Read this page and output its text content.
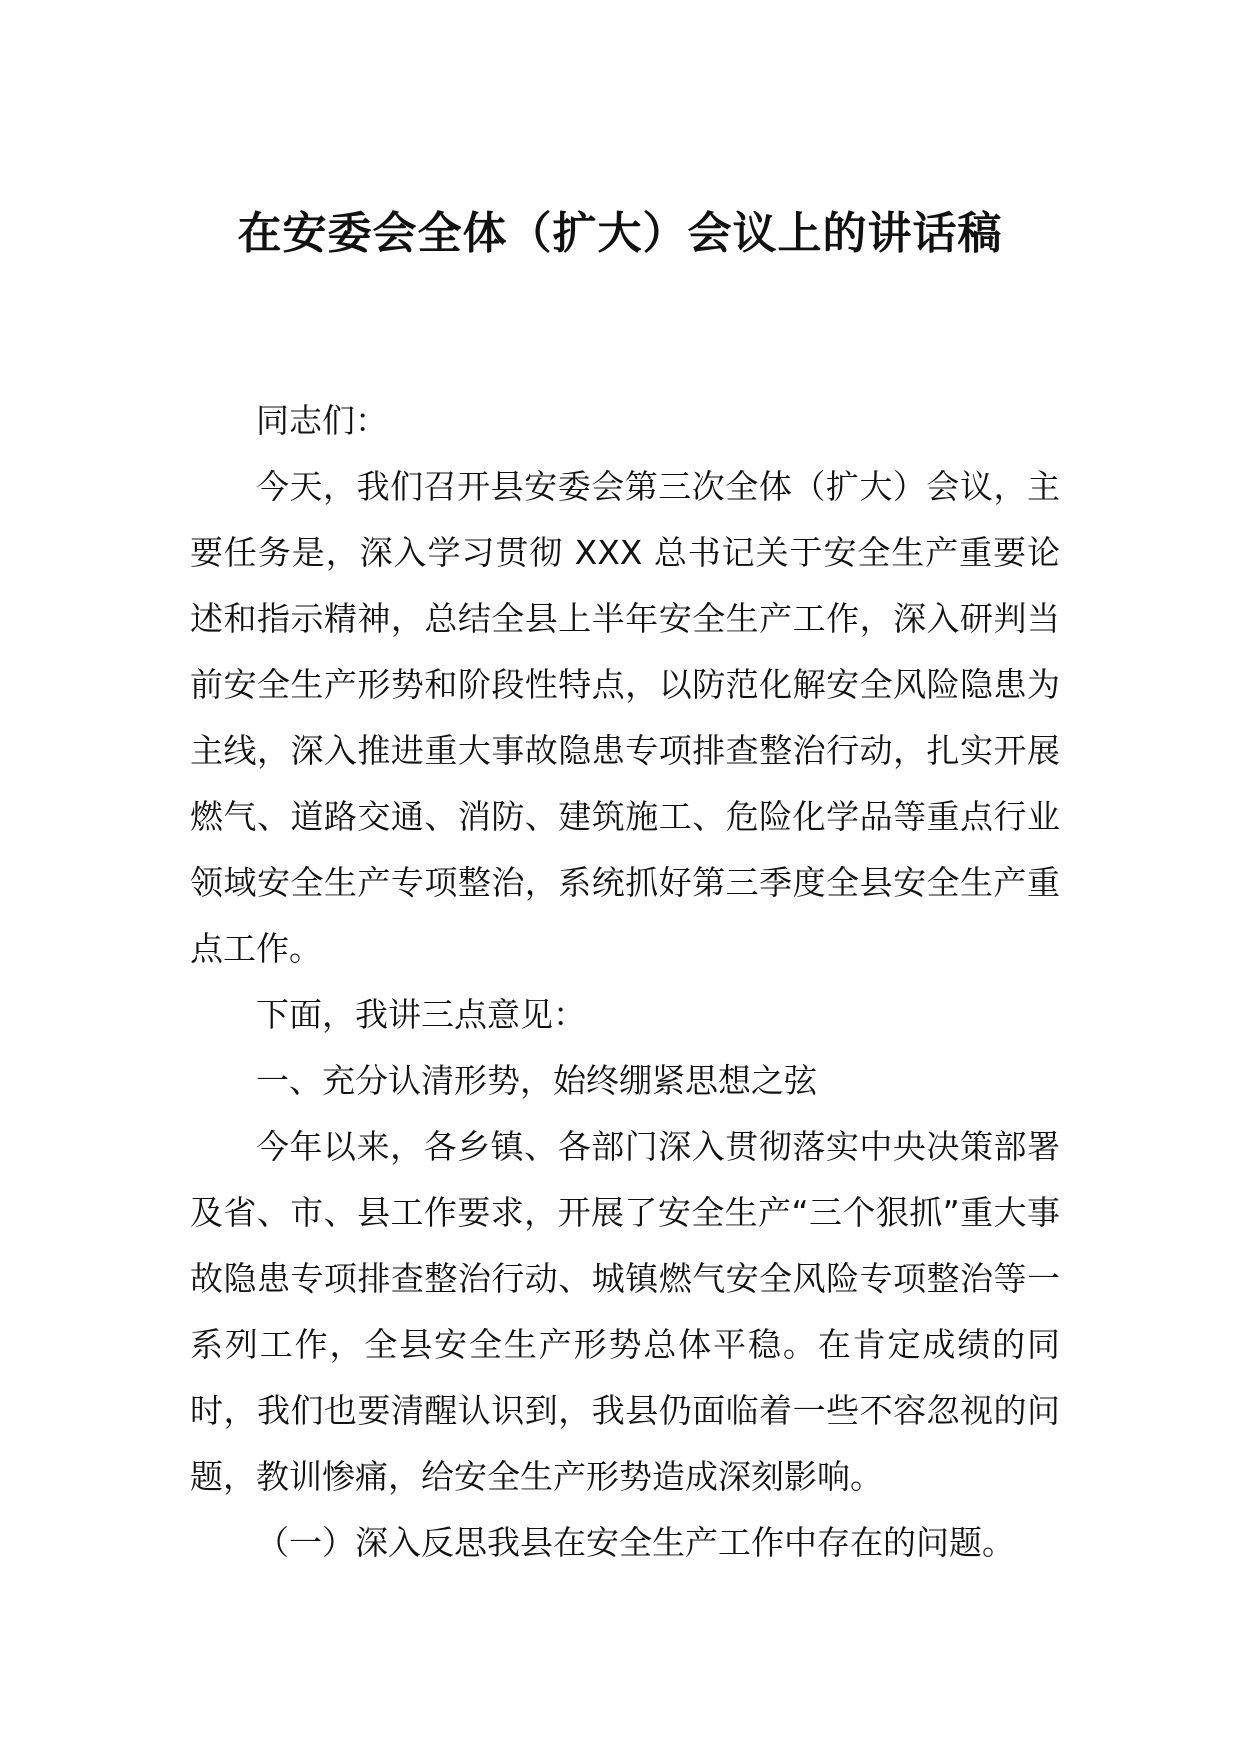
在安委会全体（扩大）会议上的讲话稿

同志们：

今天，我们召开县安委会第三次全体（扩大）会议，主要任务是，深入学习贯彻 XXX 总书记关于安全生产重要论述和指示精神，总结全县上半年安全生产工作，深入研判当前安全生产形势和阶段性特点，以防范化解安全风险隐患为主线，深入推进重大事故隐患专项排查整治行动，扎实开展燃气、道路交通、消防、建筑施工、危险化学品等重点行业领域安全生产专项整治，系统抓好第三季度全县安全生产重点工作。

下面，我讲三点意见：

一、充分认清形势，始终绷紧思想之弦

今年以来，各乡镇、各部门深入贯彻落实中央决策部署及省、市、县工作要求，开展了安全生产“三个狠抓”重大事故隐患专项排查整治行动、城镇燃气安全风险专项整治等一系列工作，全县安全生产形势总体平稳。在肯定成绩的同时，我们也要清醒认识到，我县仍面临着一些不容忽视的问题，教训惨痛，给安全生产形势造成深刻影响。

（一）深入反思我县在安全生产工作中存在的问题。
